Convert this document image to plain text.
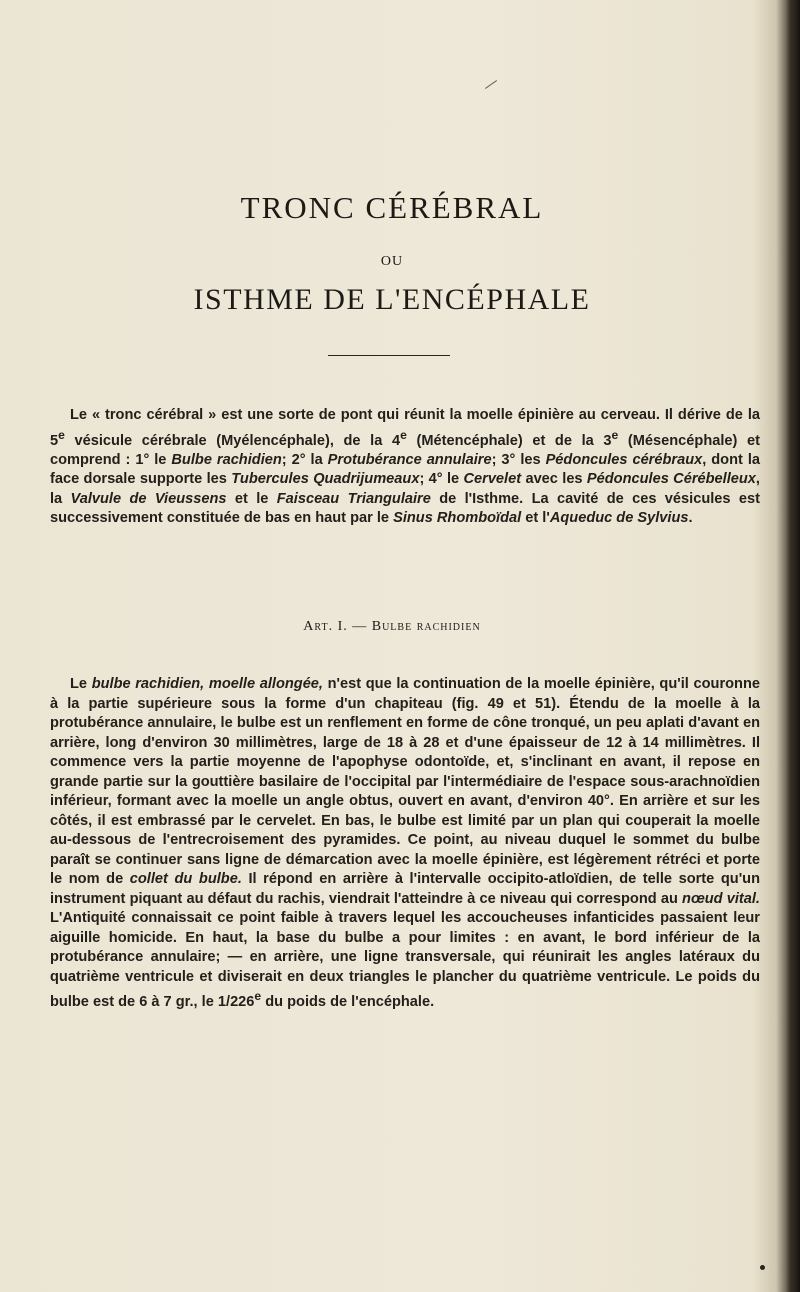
TRONC CÉRÉBRAL
OU
ISTHME DE L'ENCÉPHALE

Le « tronc cérébral » est une sorte de pont qui réunit la moelle épinière au cerveau. Il dérive de la 5e vésicule cérébrale (Myélencéphale), de la 4e (Métencéphale) et de la 3e (Mésencéphale) et comprend : 1° le Bulbe rachidien; 2° la Protubérance annulaire; 3° les Pédoncules cérébraux, dont la face dorsale supporte les Tubercules Quadrijumeaux; 4° le Cervelet avec les Pédoncules Cérébelleux, la Valvule de Vieussens et le Faisceau Triangulaire de l'Isthme. La cavité de ces vésicules est successivement constituée de bas en haut par le Sinus Rhomboïdal et l'Aqueduc de Sylvius.

Art. I. — Bulbe rachidien

Le bulbe rachidien, moelle allongée, n'est que la continuation de la moelle épinière, qu'il couronne à la partie supérieure sous la forme d'un chapiteau (fig. 49 et 51). Étendu de la moelle à la protubérance annulaire, le bulbe est un renflement en forme de cône tronqué, un peu aplati d'avant en arrière, long d'environ 30 millimètres, large de 18 à 28 et d'une épaisseur de 12 à 14 millimètres. Il commence vers la partie moyenne de l'apophyse odontoïde, et, s'inclinant en avant, il repose en grande partie sur la gouttière basilaire de l'occipital par l'intermédiaire de l'espace sous-arachnoïdien inférieur, formant avec la moelle un angle obtus, ouvert en avant, d'environ 40°. En arrière et sur les côtés, il est embrassé par le cervelet. En bas, le bulbe est limité par un plan qui couperait la moelle au-dessous de l'entrecroisement des pyramides. Ce point, au niveau duquel le sommet du bulbe paraît se continuer sans ligne de démarcation avec la moelle épinière, est légèrement rétréci et porte le nom de collet du bulbe. Il répond en arrière à l'intervalle occipito-atloïdien, de telle sorte qu'un instrument piquant au défaut du rachis, viendrait l'atteindre à ce niveau qui correspond au nœud vital. L'Antiquité connaissait ce point faible à travers lequel les accoucheuses infanticides passaient leur aiguille homicide. En haut, la base du bulbe a pour limites : en avant, le bord inférieur de la protubérance annulaire; — en arrière, une ligne transversale, qui réunirait les angles latéraux du quatrième ventricule et diviserait en deux triangles le plancher du quatrième ventricule. Le poids du bulbe est de 6 à 7 gr., le 1/226e du poids de l'encéphale.
